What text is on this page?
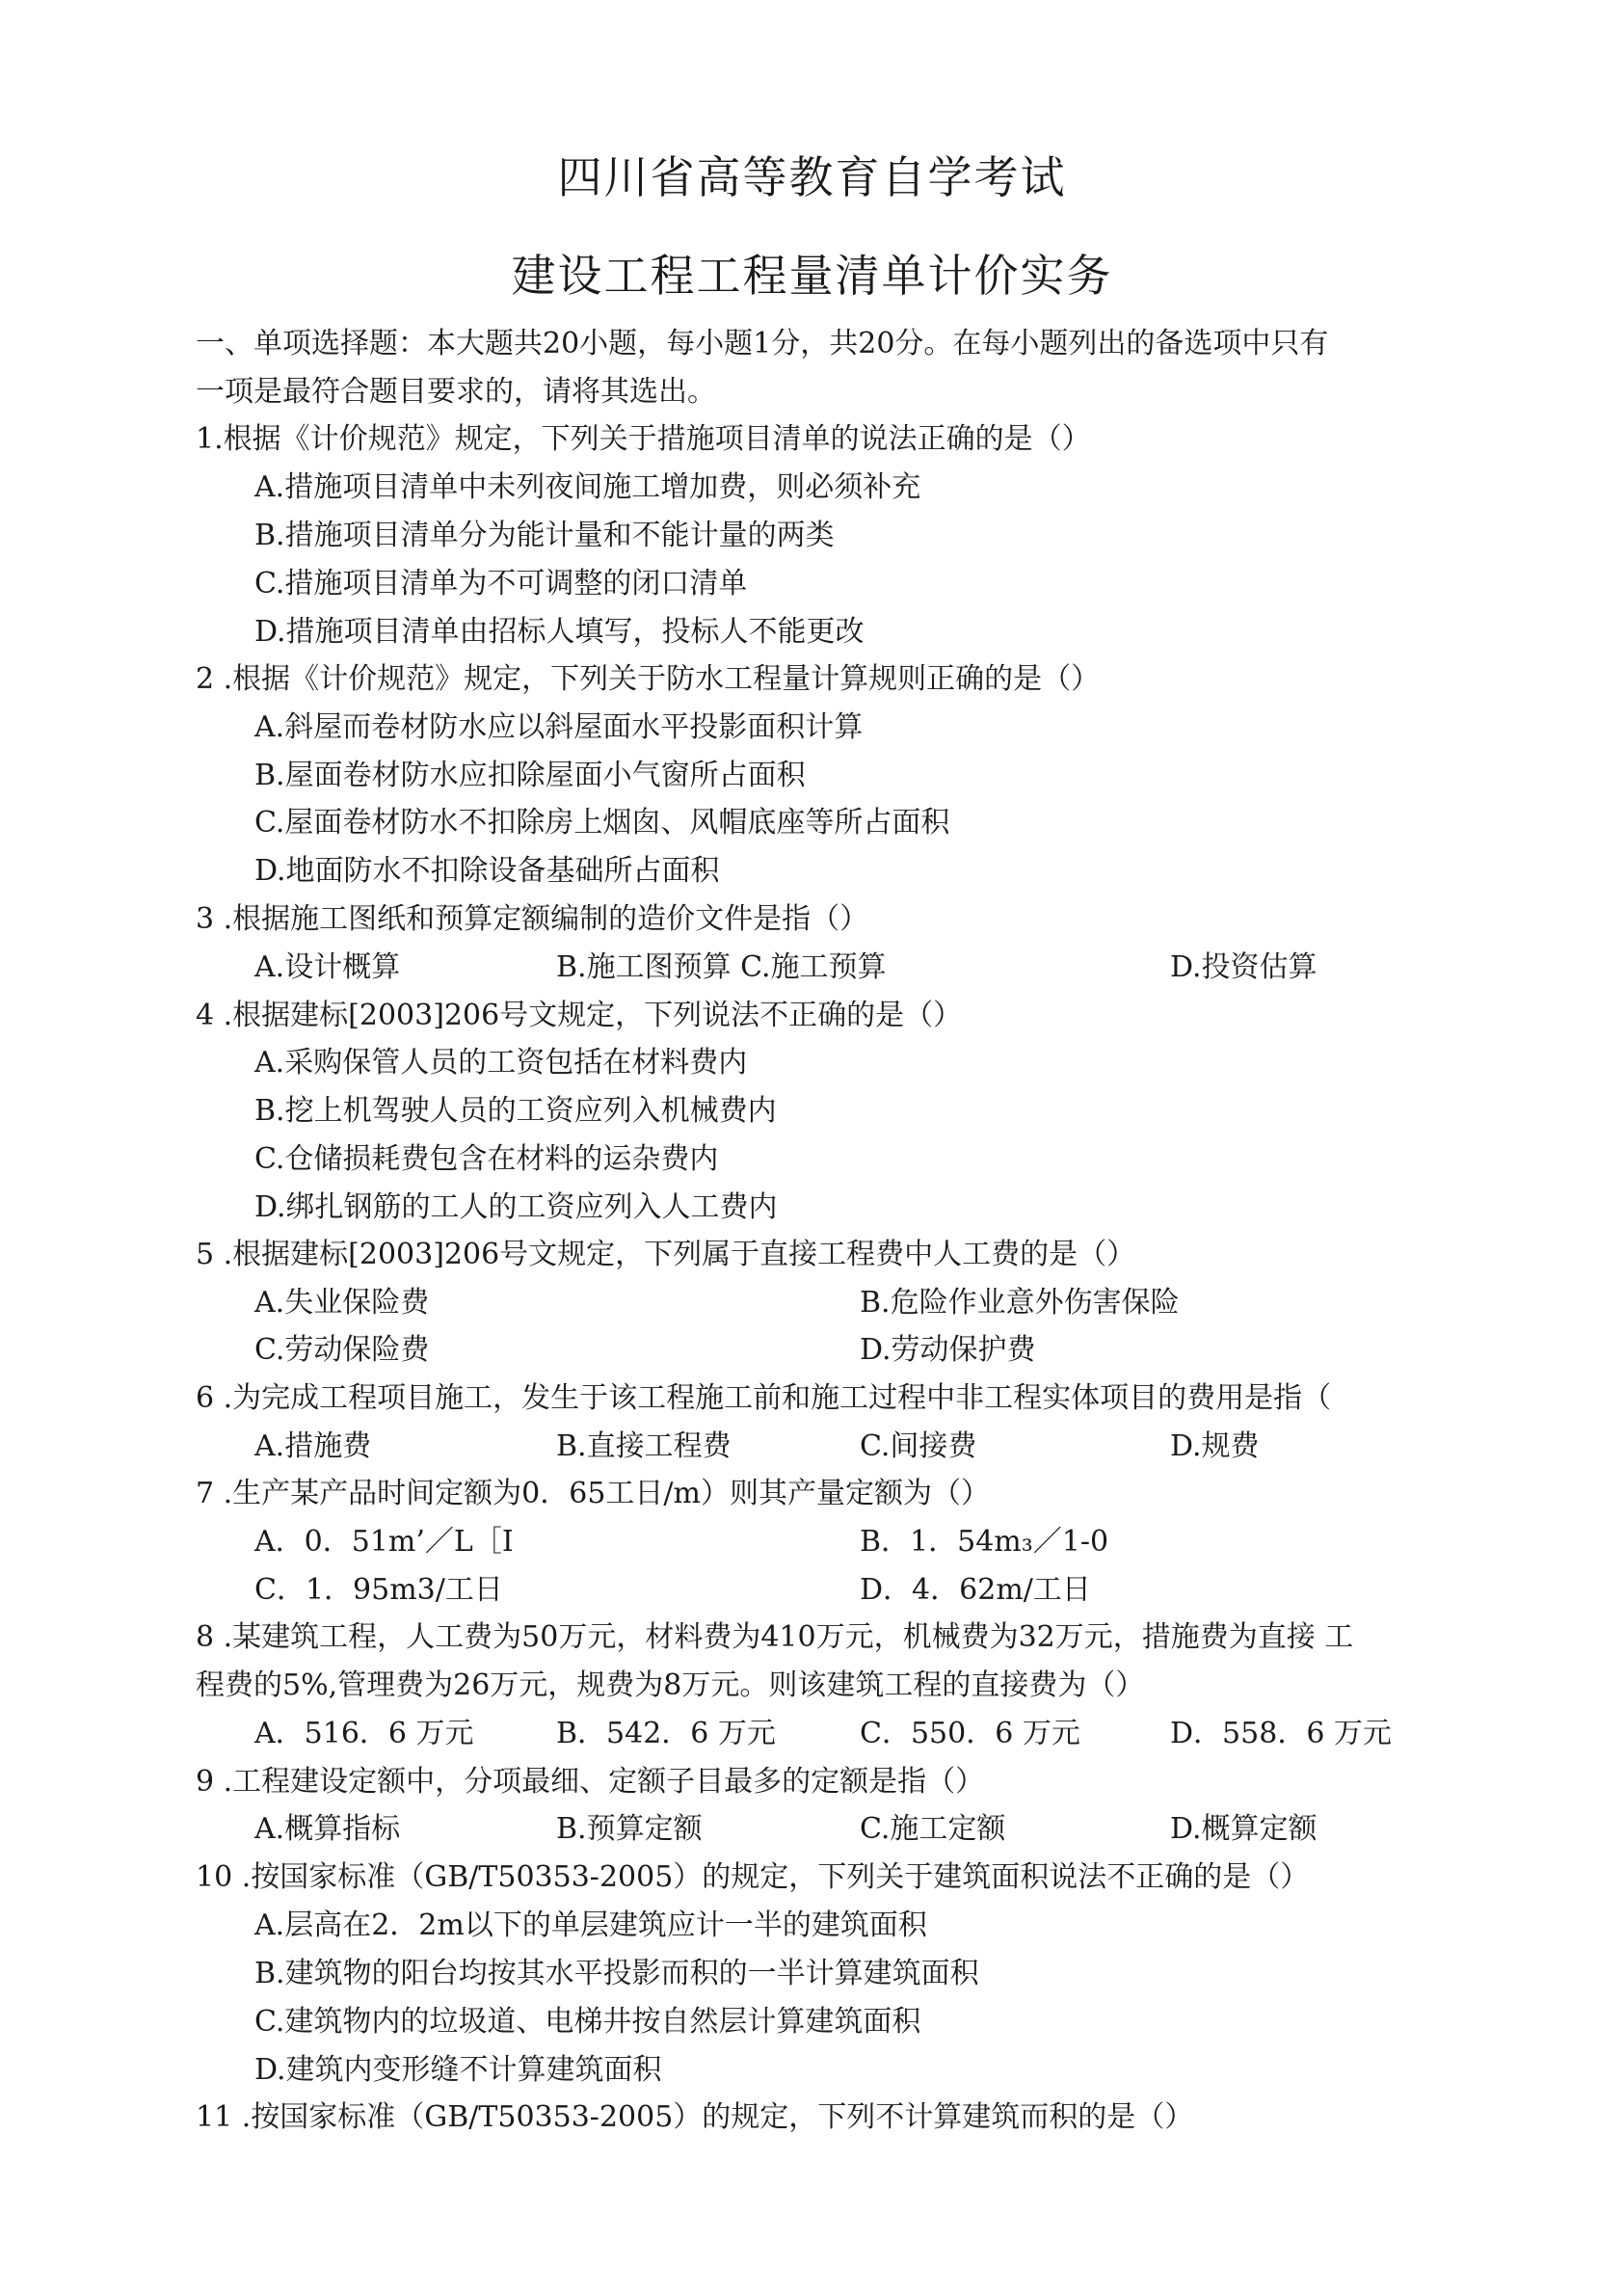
四川省高等教育自学考试
建设工程工程量清单计价实务
一、单项选择题：本大题共20小题，每小题1分，共20分。在每小题列出的备选项中只有
一项是最符合题目要求的，请将其选出。
1.根据《计价规范》规定，下列关于措施项目清单的说法正确的是（）
A.措施项目清单中未列夜间施工增加费，则必须补充
B.措施项目清单分为能计量和不能计量的两类
C.措施项目清单为不可调整的闭口清单
D.措施项目清单由招标人填写，投标人不能更改
2 .根据《计价规范》规定，下列关于防水工程量计算规则正确的是（）
A.斜屋而卷材防水应以斜屋面水平投影面积计算
B.屋面卷材防水应扣除屋面小气窗所占面积
C.屋面卷材防水不扣除房上烟囱、风帽底座等所占面积
D.地面防水不扣除设备基础所占面积
3 .根据施工图纸和预算定额编制的造价文件是指（）
A.设计概算	B.施工图预算 C.施工预算	D.投资估算
4 .根据建标[2003]206号文规定，下列说法不正确的是（）
A.采购保管人员的工资包括在材料费内
B.挖上机驾驶人员的工资应列入机械费内
C.仓储损耗费包含在材料的运杂费内
D.绑扎钢筋的工人的工资应列入人工费内
5 .根据建标[2003]206号文规定，下列属于直接工程费中人工费的是（）
A.失业保险费	B.危险作业意外伤害保险
C.劳动保险费	D.劳动保护费
6 .为完成工程项目施工，发生于该工程施工前和施工过程中非工程实体项目的费用是指（
A.措施费	B.直接工程费	C.间接费	D.规费
7 .生产某产品时间定额为0．65工日/m）则其产量定额为（）
A．0．51m’／L［I	B．1．54m₃／1-0
C．1．95m3/工日	D．4．62m/工日
8 .某建筑工程，人工费为50万元，材料费为410万元，机械费为32万元，措施费为直接 工
程费的5%,管理费为26万元，规费为8万元。则该建筑工程的直接费为（）
A．516．6 万元	B．542．6 万元	C．550．6 万元	D．558．6 万元
9 .工程建设定额中，分项最细、定额子目最多的定额是指（）
A.概算指标	B.预算定额	C.施工定额	D.概算定额
10 .按国家标准（GB/T50353-2005）的规定，下列关于建筑面积说法不正确的是（）
A.层高在2．2m以下的单层建筑应计一半的建筑面积
B.建筑物的阳台均按其水平投影而积的一半计算建筑面积
C.建筑物内的垃圾道、电梯井按自然层计算建筑面积
D.建筑内变形缝不计算建筑面积
11 .按国家标准（GB/T50353-2005）的规定，下列不计算建筑而积的是（）
